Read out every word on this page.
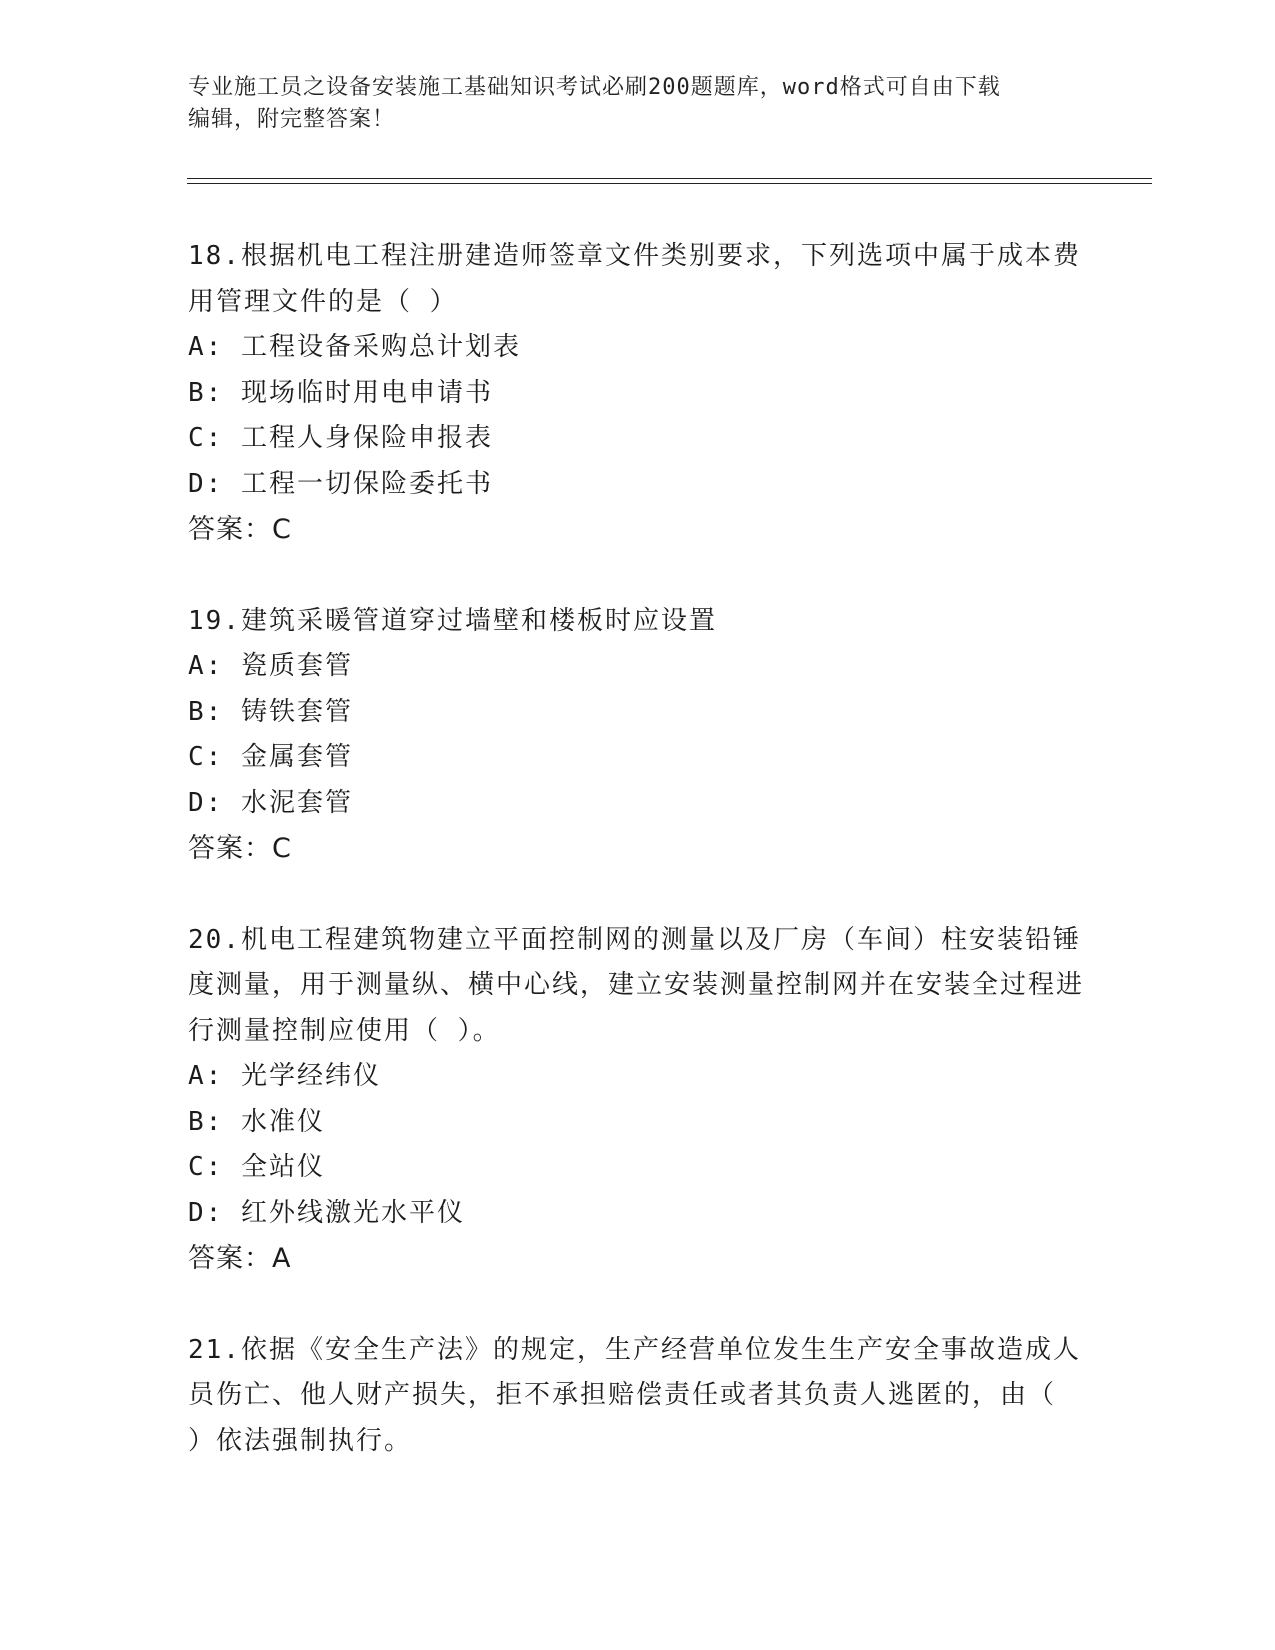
专业施工员之设备安装施工基础知识考试必刷200题题库，word格式可自由下载
编辑，附完整答案！
18.根据机电工程注册建造师签章文件类别要求，下列选项中属于成本费用管理文件的是（ ）
A: 工程设备采购总计划表
B: 现场临时用电申请书
C: 工程人身保险申报表
D: 工程一切保险委托书
答案：C
19.建筑采暖管道穿过墙壁和楼板时应设置
A: 瓷质套管
B: 铸铁套管
C: 金属套管
D: 水泥套管
答案：C
20.机电工程建筑物建立平面控制网的测量以及厂房（车间）柱安装铅锤度测量，用于测量纵、横中心线，建立安装测量控制网并在安装全过程进行测量控制应使用（ ）。
A: 光学经纬仪
B: 水准仪
C: 全站仪
D: 红外线激光水平仪
答案：A
21.依据《安全生产法》的规定，生产经营单位发生生产安全事故造成人员伤亡、他人财产损失，拒不承担赔偿责任或者其负责人逃匿的，由（ ）依法强制执行。
